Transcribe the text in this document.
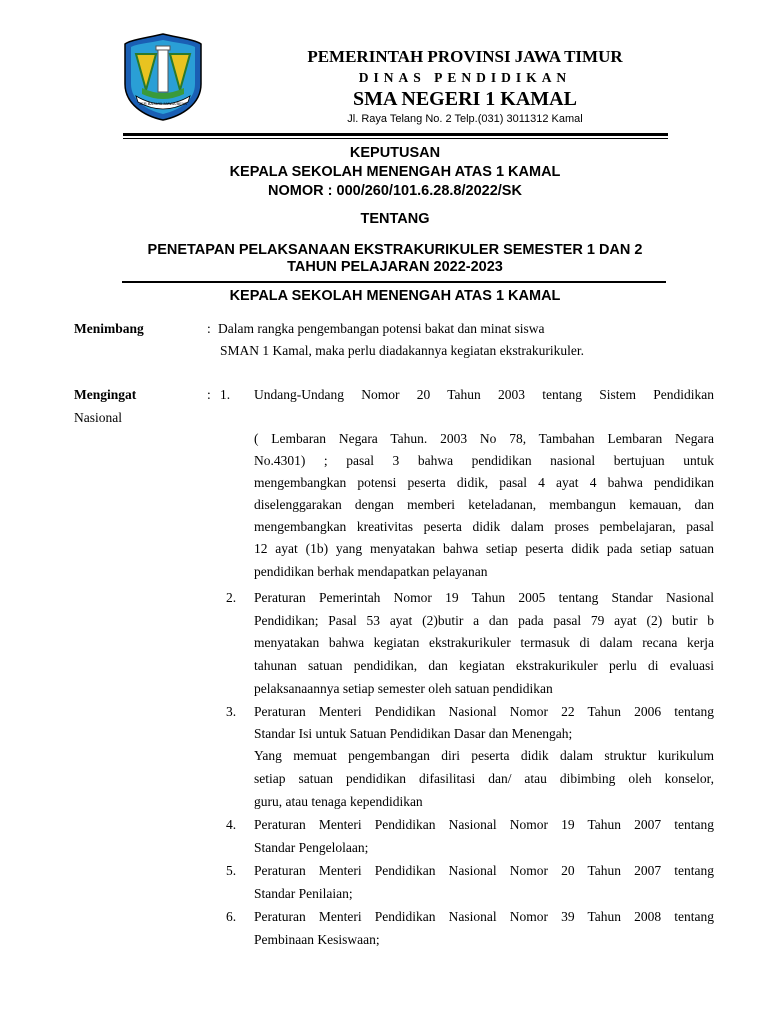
JER BASUKI MAWA BEYA
PEMERINTAH PROVINSI JAWA TIMUR
DINAS PENDIDIKAN
SMA NEGERI 1 KAMAL
Jl. Raya Telang No. 2 Telp.(031) 3011312 Kamal
KEPUTUSAN
KEPALA SEKOLAH MENENGAH ATAS 1 KAMAL
NOMOR : 000/260/101.6.28.8/2022/SK
TENTANG
PENETAPAN PELAKSANAAN EKSTRAKURIKULER SEMESTER 1 DAN 2
TAHUN PELAJARAN 2022-2023
KEPALA SEKOLAH MENENGAH ATAS 1 KAMAL
Menimbang	: Dalam rangka pengembangan potensi bakat dan minat siswa
SMAN 1 Kamal, maka perlu diadakannya kegiatan ekstrakurikuler.
Mengingat
Nasional
: 1. Undang-Undang Nomor 20 Tahun 2003 tentang Sistem Pendidikan
( Lembaran Negara Tahun. 2003 No 78, Tambahan Lembaran Negara
No.4301) ; pasal 3 bahwa pendidikan nasional bertujuan untuk
mengembangkan potensi peserta didik, pasal 4 ayat 4 bahwa pendidikan
diselenggarakan dengan memberi keteladanan, membangun kemauan, dan
mengembangkan kreativitas peserta didik dalam proses pembelajaran, pasal
12 ayat (1b) yang menyatakan bahwa setiap peserta didik pada setiap satuan
pendidikan berhak mendapatkan pelayanan
2. Peraturan Pemerintah Nomor 19 Tahun 2005 tentang Standar Nasional
Pendidikan; Pasal 53 ayat (2)butir a dan pada pasal 79 ayat (2) butir b
menyatakan bahwa kegiatan ekstrakurikuler termasuk di dalam recana kerja
tahunan satuan pendidikan, dan kegiatan ekstrakurikuler perlu di evaluasi
pelaksanaannya setiap semester oleh satuan pendidikan
3. Peraturan Menteri Pendidikan Nasional Nomor 22 Tahun 2006 tentang
Standar Isi untuk Satuan Pendidikan Dasar dan Menengah;
Yang memuat pengembangan diri peserta didik dalam struktur kurikulum
setiap satuan pendidikan difasilitasi dan/ atau dibimbing oleh konselor,
guru, atau tenaga kependidikan
4. Peraturan Menteri Pendidikan Nasional Nomor 19 Tahun 2007 tentang
Standar Pengelolaan;
5. Peraturan Menteri Pendidikan Nasional Nomor 20 Tahun 2007 tentang
Standar Penilaian;
6. Peraturan Menteri Pendidikan Nasional Nomor 39 Tahun 2008 tentang
Pembinaan Kesiswaan;
